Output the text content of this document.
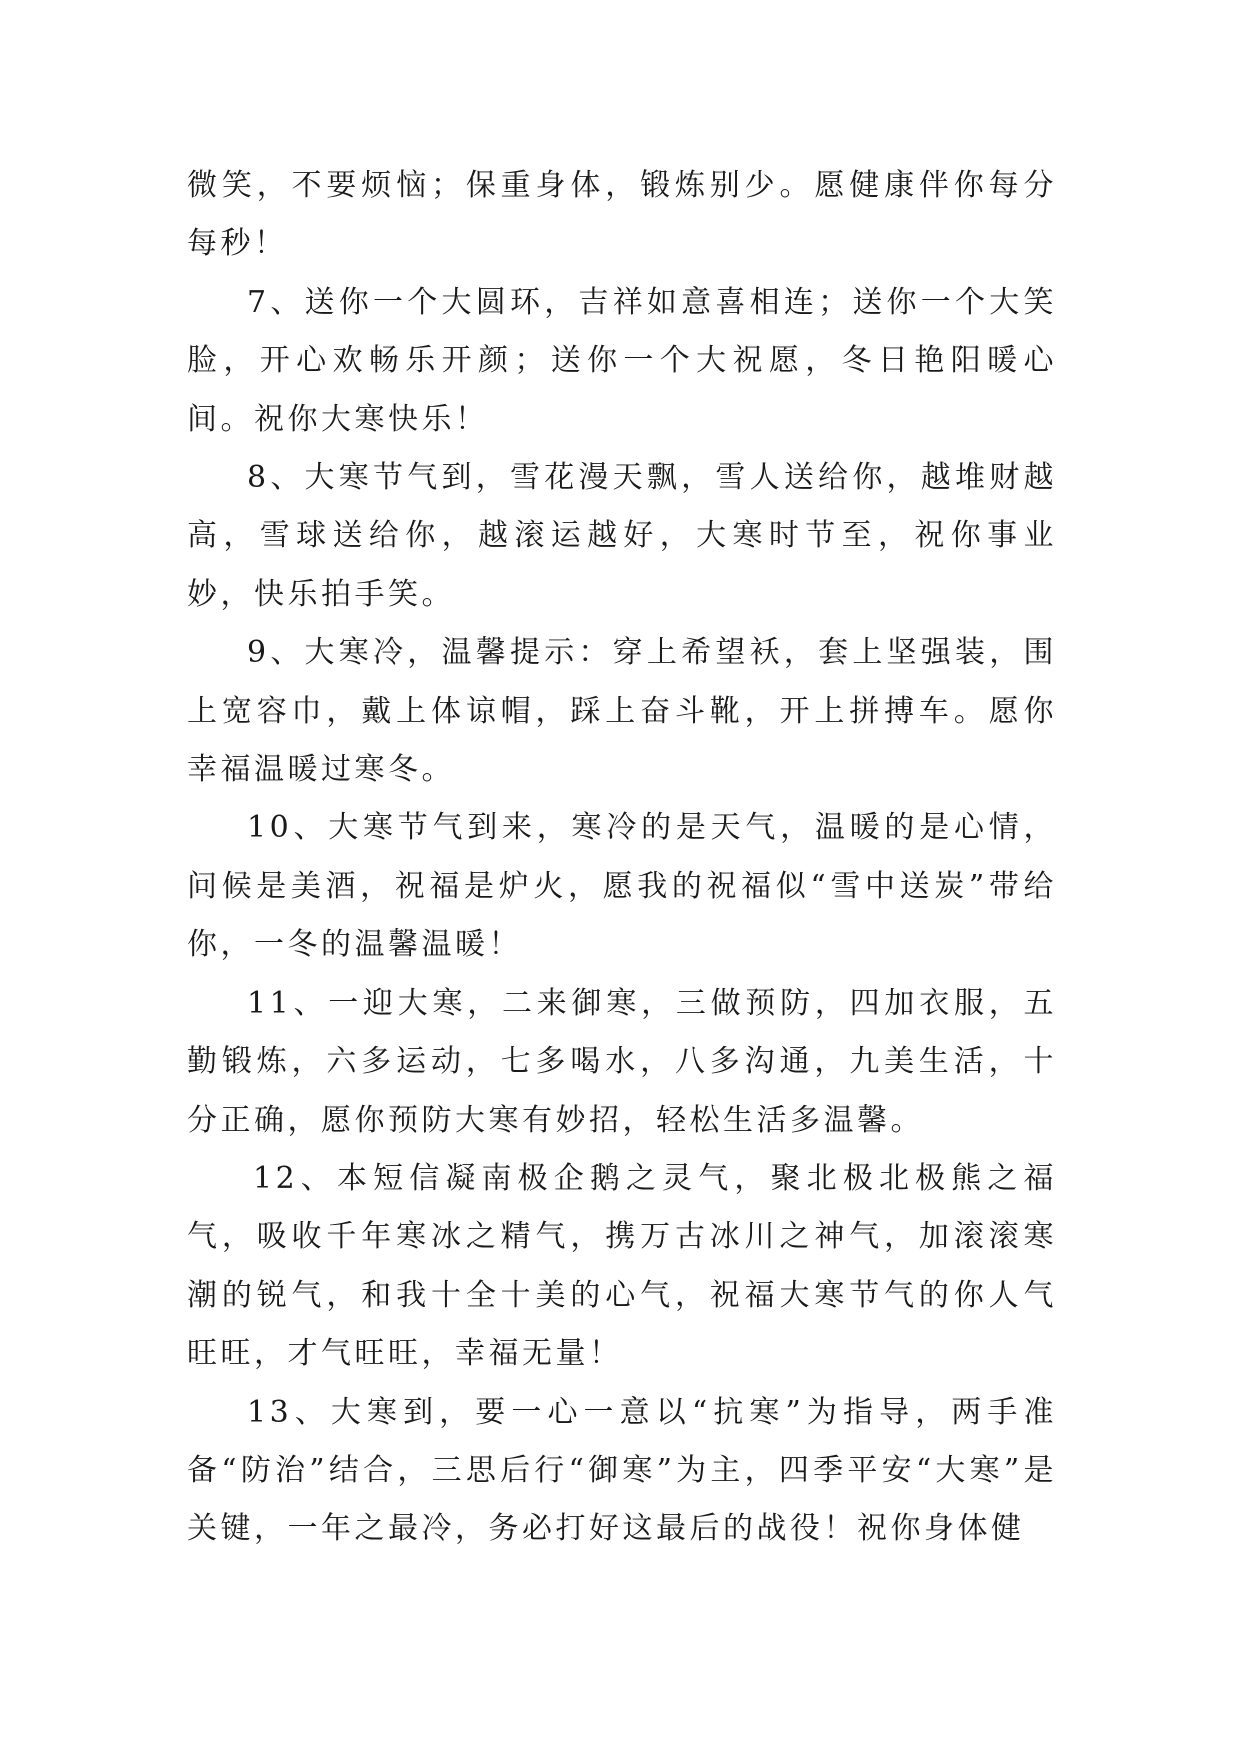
微笑，不要烦恼；保重身体，锻炼别少。愿健康伴你每分每秒！

7、送你一个大圆环，吉祥如意喜相连；送你一个大笑脸，开心欢畅乐开颜；送你一个大祝愿，冬日艳阳暖心间。祝你大寒快乐！

8、大寒节气到，雪花漫天飘，雪人送给你，越堆财越高，雪球送给你，越滚运越好，大寒时节至，祝你事业妙，快乐拍手笑。

9、大寒冷，温馨提示：穿上希望袄，套上坚强装，围上宽容巾，戴上体谅帽，踩上奋斗靴，开上拼搏车。愿你幸福温暖过寒冬。

10、大寒节气到来，寒冷的是天气，温暖的是心情，问候是美酒，祝福是炉火，愿我的祝福似“雪中送炭”带给你，一冬的温馨温暖！

11、一迎大寒，二来御寒，三做预防，四加衣服，五勤锻炼，六多运动，七多喝水，八多沟通，九美生活，十分正确，愿你预防大寒有妙招，轻松生活多温馨。

12、本短信凝南极企鹅之灵气，聚北极北极熊之福气，吸收千年寒冰之精气，携万古冰川之神气，加滚滚寒潮的锐气，和我十全十美的心气，祝福大寒节气的你人气旺旺，才气旺旺，幸福无量！

13、大寒到，要一心一意以“抗寒”为指导，两手准备“防治”结合，三思后行“御寒”为主，四季平安“大寒”是关键，一年之最冷，务必打好这最后的战役！祝你身体健
